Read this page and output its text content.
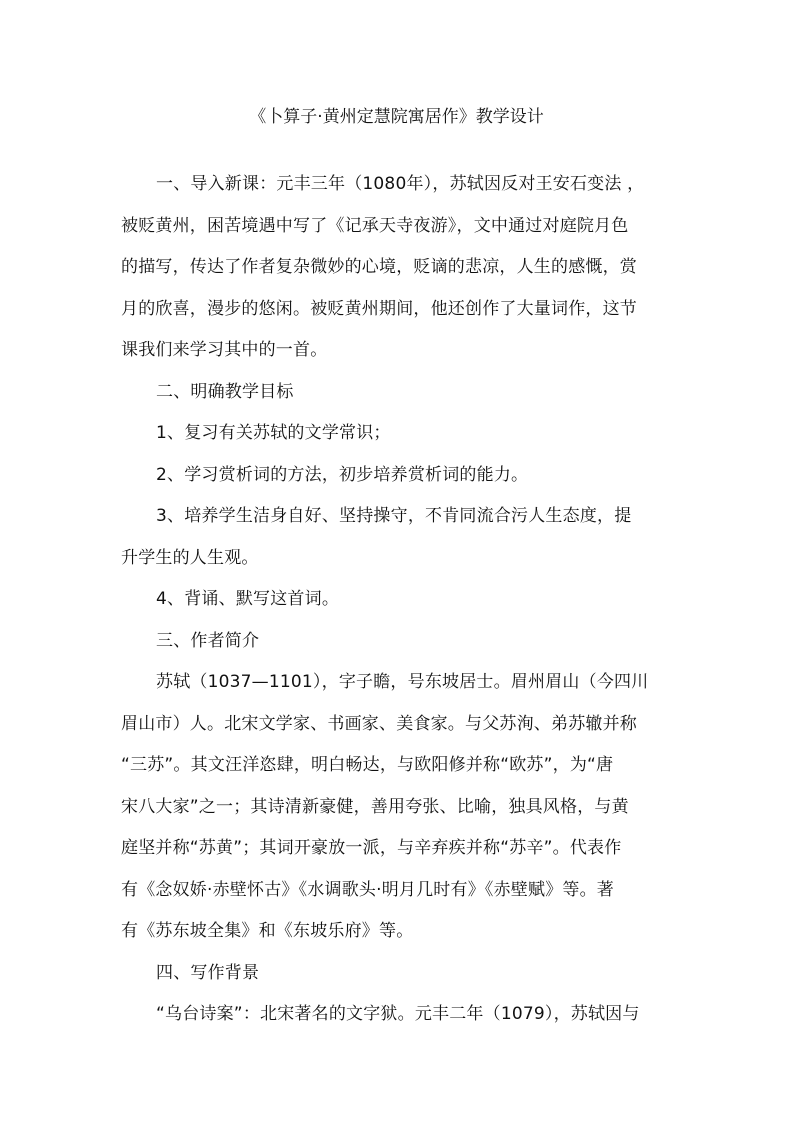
《卜算子·黄州定慧院寓居作》教学设计
一、导入新课：元丰三年（1080年），苏轼因反对王安石变法 ，
被贬黄州，困苦境遇中写了《记承天寺夜游》，文中通过对庭院月色
的描写，传达了作者复杂微妙的心境，贬谪的悲凉，人生的感慨，赏
月的欣喜，漫步的悠闲。被贬黄州期间，他还创作了大量词作，这节
课我们来学习其中的一首。
二、明确教学目标
1、复习有关苏轼的文学常识；
2、学习赏析词的方法，初步培养赏析词的能力。
3、培养学生洁身自好、坚持操守，不肯同流合污人生态度，提
升学生的人生观。
4、背诵、默写这首词。
三、作者简介
苏轼（1037—1101），字子瞻，号东坡居士。眉州眉山（今四川
眉山市）人。北宋文学家、书画家、美食家。与父苏洵、弟苏辙并称
“三苏”。其文汪洋恣肆，明白畅达，与欧阳修并称“欧苏”，为“唐
宋八大家”之一；其诗清新豪健，善用夸张、比喻，独具风格，与黄
庭坚并称“苏黄”；其词开豪放一派，与辛弃疾并称“苏辛”。代表作
有《念奴娇·赤壁怀古》《水调歌头·明月几时有》《赤壁赋》等。著
有《苏东坡全集》和《东坡乐府》等。
四、写作背景
“乌台诗案”：北宋著名的文字狱。元丰二年（1079），苏轼因与
